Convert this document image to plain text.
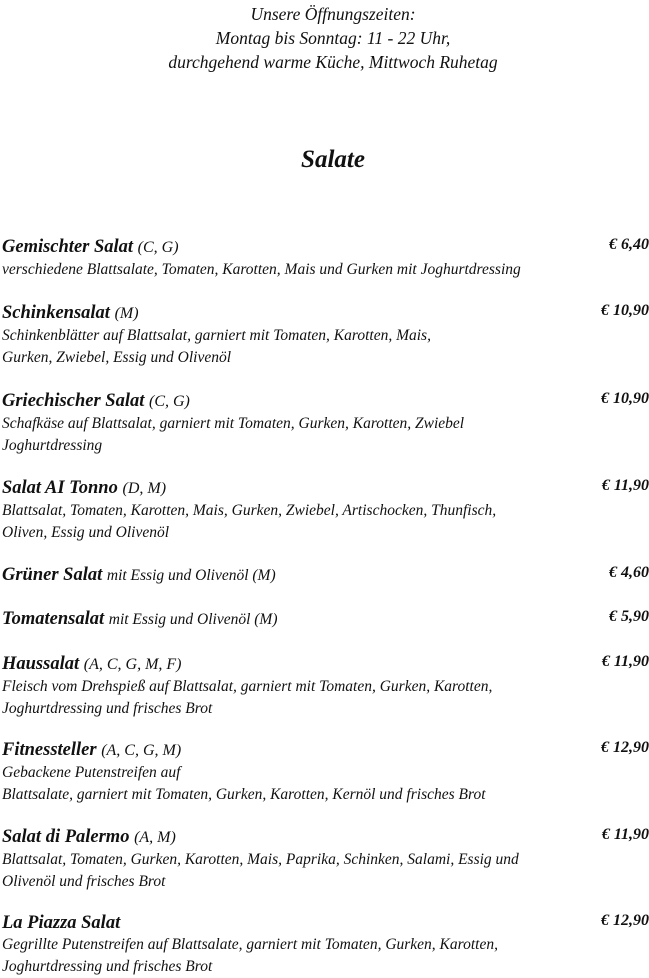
Unsere Öffnungszeiten:
Montag bis Sonntag: 11 - 22 Uhr,
durchgehend warme Küche, Mittwoch Ruhetag
Salate
Gemischter Salat (C, G)
verschiedene Blattsalate, Tomaten, Karotten, Mais und Gurken mit Joghurtdressing
€ 6,40
Schinkensalat (M)
Schinkenblätter auf Blattsalat, garniert mit Tomaten, Karotten, Mais,
Gurken, Zwiebel, Essig und Olivenöl
€ 10,90
Griechischer Salat (C, G)
Schafkäse auf Blattsalat, garniert mit Tomaten, Gurken, Karotten, Zwiebel
Joghurtdressing
€ 10,90
Salat AI Tonno (D, M)
Blattsalat, Tomaten, Karotten, Mais, Gurken, Zwiebel, Artischocken, Thunfisch,
Oliven, Essig und Olivenöl
€ 11,90
Grüner Salat mit Essig und Olivenöl (M)	€ 4,60
Tomatensalat mit Essig und Olivenöl (M)	€ 5,90
Haussalat (A, C, G, M, F)
Fleisch vom Drehspieß auf Blattsalat, garniert mit Tomaten, Gurken, Karotten,
Joghurtdressing und frisches Brot
€ 11,90
Fitnessteller (A, C, G, M)
Gebackene Putenstreifen auf
Blattsalate, garniert mit Tomaten, Gurken, Karotten, Kernöl und frisches Brot
€ 12,90
Salat di Palermo (A, M)
Blattsalat, Tomaten, Gurken, Karotten, Mais, Paprika, Schinken, Salami, Essig und
Olivenöl und frisches Brot
€ 11,90
La Piazza Salat
Gegrillte Putenstreifen auf Blattsalate, garniert mit Tomaten, Gurken, Karotten,
Joghurtdressing und frisches Brot
€ 12,90
